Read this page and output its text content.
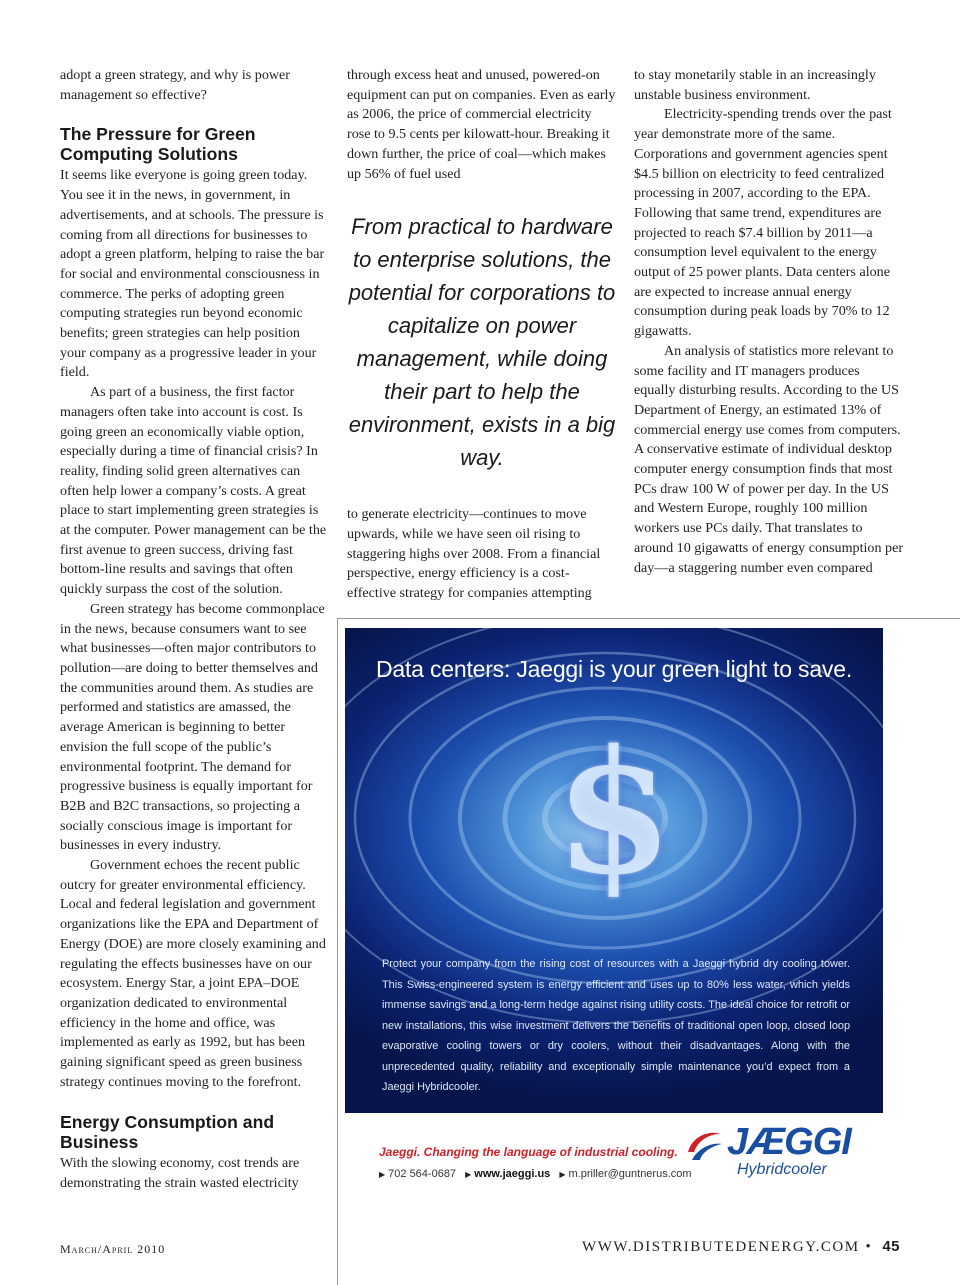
adopt a green strategy, and why is power management so effective?

The Pressure for Green Computing Solutions

It seems like everyone is going green today. You see it in the news, in government, in advertisements, and at schools. The pressure is coming from all directions for businesses to adopt a green platform, helping to raise the bar for social and environmental consciousness in commerce. The perks of adopting green computing strategies run beyond economic benefits; green strategies can help position your company as a progressive leader in your field.

As part of a business, the first factor managers often take into account is cost. Is going green an economically viable option, especially during a time of financial crisis? In reality, finding solid green alternatives can often help lower a company’s costs. A great place to start implementing green strategies is at the computer. Power management can be the first avenue to green success, driving fast bottom-line results and savings that often quickly surpass the cost of the solution.

Green strategy has become commonplace in the news, because consumers want to see what businesses—often major contributors to pollution—are doing to better themselves and the communities around them. As studies are performed and statistics are amassed, the average American is beginning to better envision the full scope of the public’s environmental footprint. The demand for progressive business is equally important for B2B and B2C transactions, so projecting a socially conscious image is important for businesses in every industry.

Government echoes the recent public outcry for greater environmental efficiency. Local and federal legislation and government organizations like the EPA and Department of Energy (DOE) are more closely examining and regulating the effects businesses have on our ecosystem. Energy Star, a joint EPA–DOE organization dedicated to environmental efficiency in the home and office, was implemented as early as 1992, but has been gaining significant speed as green business strategy continues moving to the forefront.

Energy Consumption and Business

With the slowing economy, cost trends are demonstrating the strain wasted electricity

through excess heat and unused, powered-on equipment can put on companies. Even as early as 2006, the price of commercial electricity rose to 9.5 cents per kilowatt-hour. Breaking it down further, the price of coal—which makes up 56% of fuel used

From practical to hardware to enterprise solutions, the potential for corporations to capitalize on power management, while doing their part to help the environment, exists in a big way.

to generate electricity—continues to move upwards, while we have seen oil rising to staggering highs over 2008. From a financial perspective, energy efficiency is a cost-effective strategy for companies attempting

to stay monetarily stable in an increasingly unstable business environment.

Electricity-spending trends over the past year demonstrate more of the same. Corporations and government agencies spent $4.5 billion on electricity to feed centralized processing in 2007, according to the EPA. Following that same trend, expenditures are projected to reach $7.4 billion by 2011—a consumption level equivalent to the energy output of 25 power plants. Data centers alone are expected to increase annual energy consumption during peak loads by 70% to 12 gigawatts.

An analysis of statistics more relevant to some facility and IT managers produces equally disturbing results. According to the US Department of Energy, an estimated 13% of commercial energy use comes from computers. A conservative estimate of individual desktop computer energy consumption finds that most PCs draw 100 W of power per day. In the US and Western Europe, roughly 100 million workers use PCs daily. That translates to around 10 gigawatts of energy consumption per day—a staggering number even compared

Data centers: Jaeggi is your green light to save.
$
Protect your company from the rising cost of resources with a Jaeggi hybrid dry cooling tower. This Swiss-engineered system is energy efficient and uses up to 80% less water, which yields immense savings and a long-term hedge against rising utility costs. The ideal choice for retrofit or new installations, this wise investment delivers the benefits of traditional open loop, closed loop evaporative cooling towers or dry coolers, without their disadvantages. Along with the unprecedented quality, reliability and exceptionally simple maintenance you’d expect from a Jaeggi Hybridcooler.
Jaeggi. Changing the language of industrial cooling.
▶ 702 564-0687 ▶ www.jaeggi.us ▶ m.priller@guntnerus.com
JÆGGI
Hybridcooler
March/April 2010	WWW.DISTRIBUTEDENERGY.COM • 45
